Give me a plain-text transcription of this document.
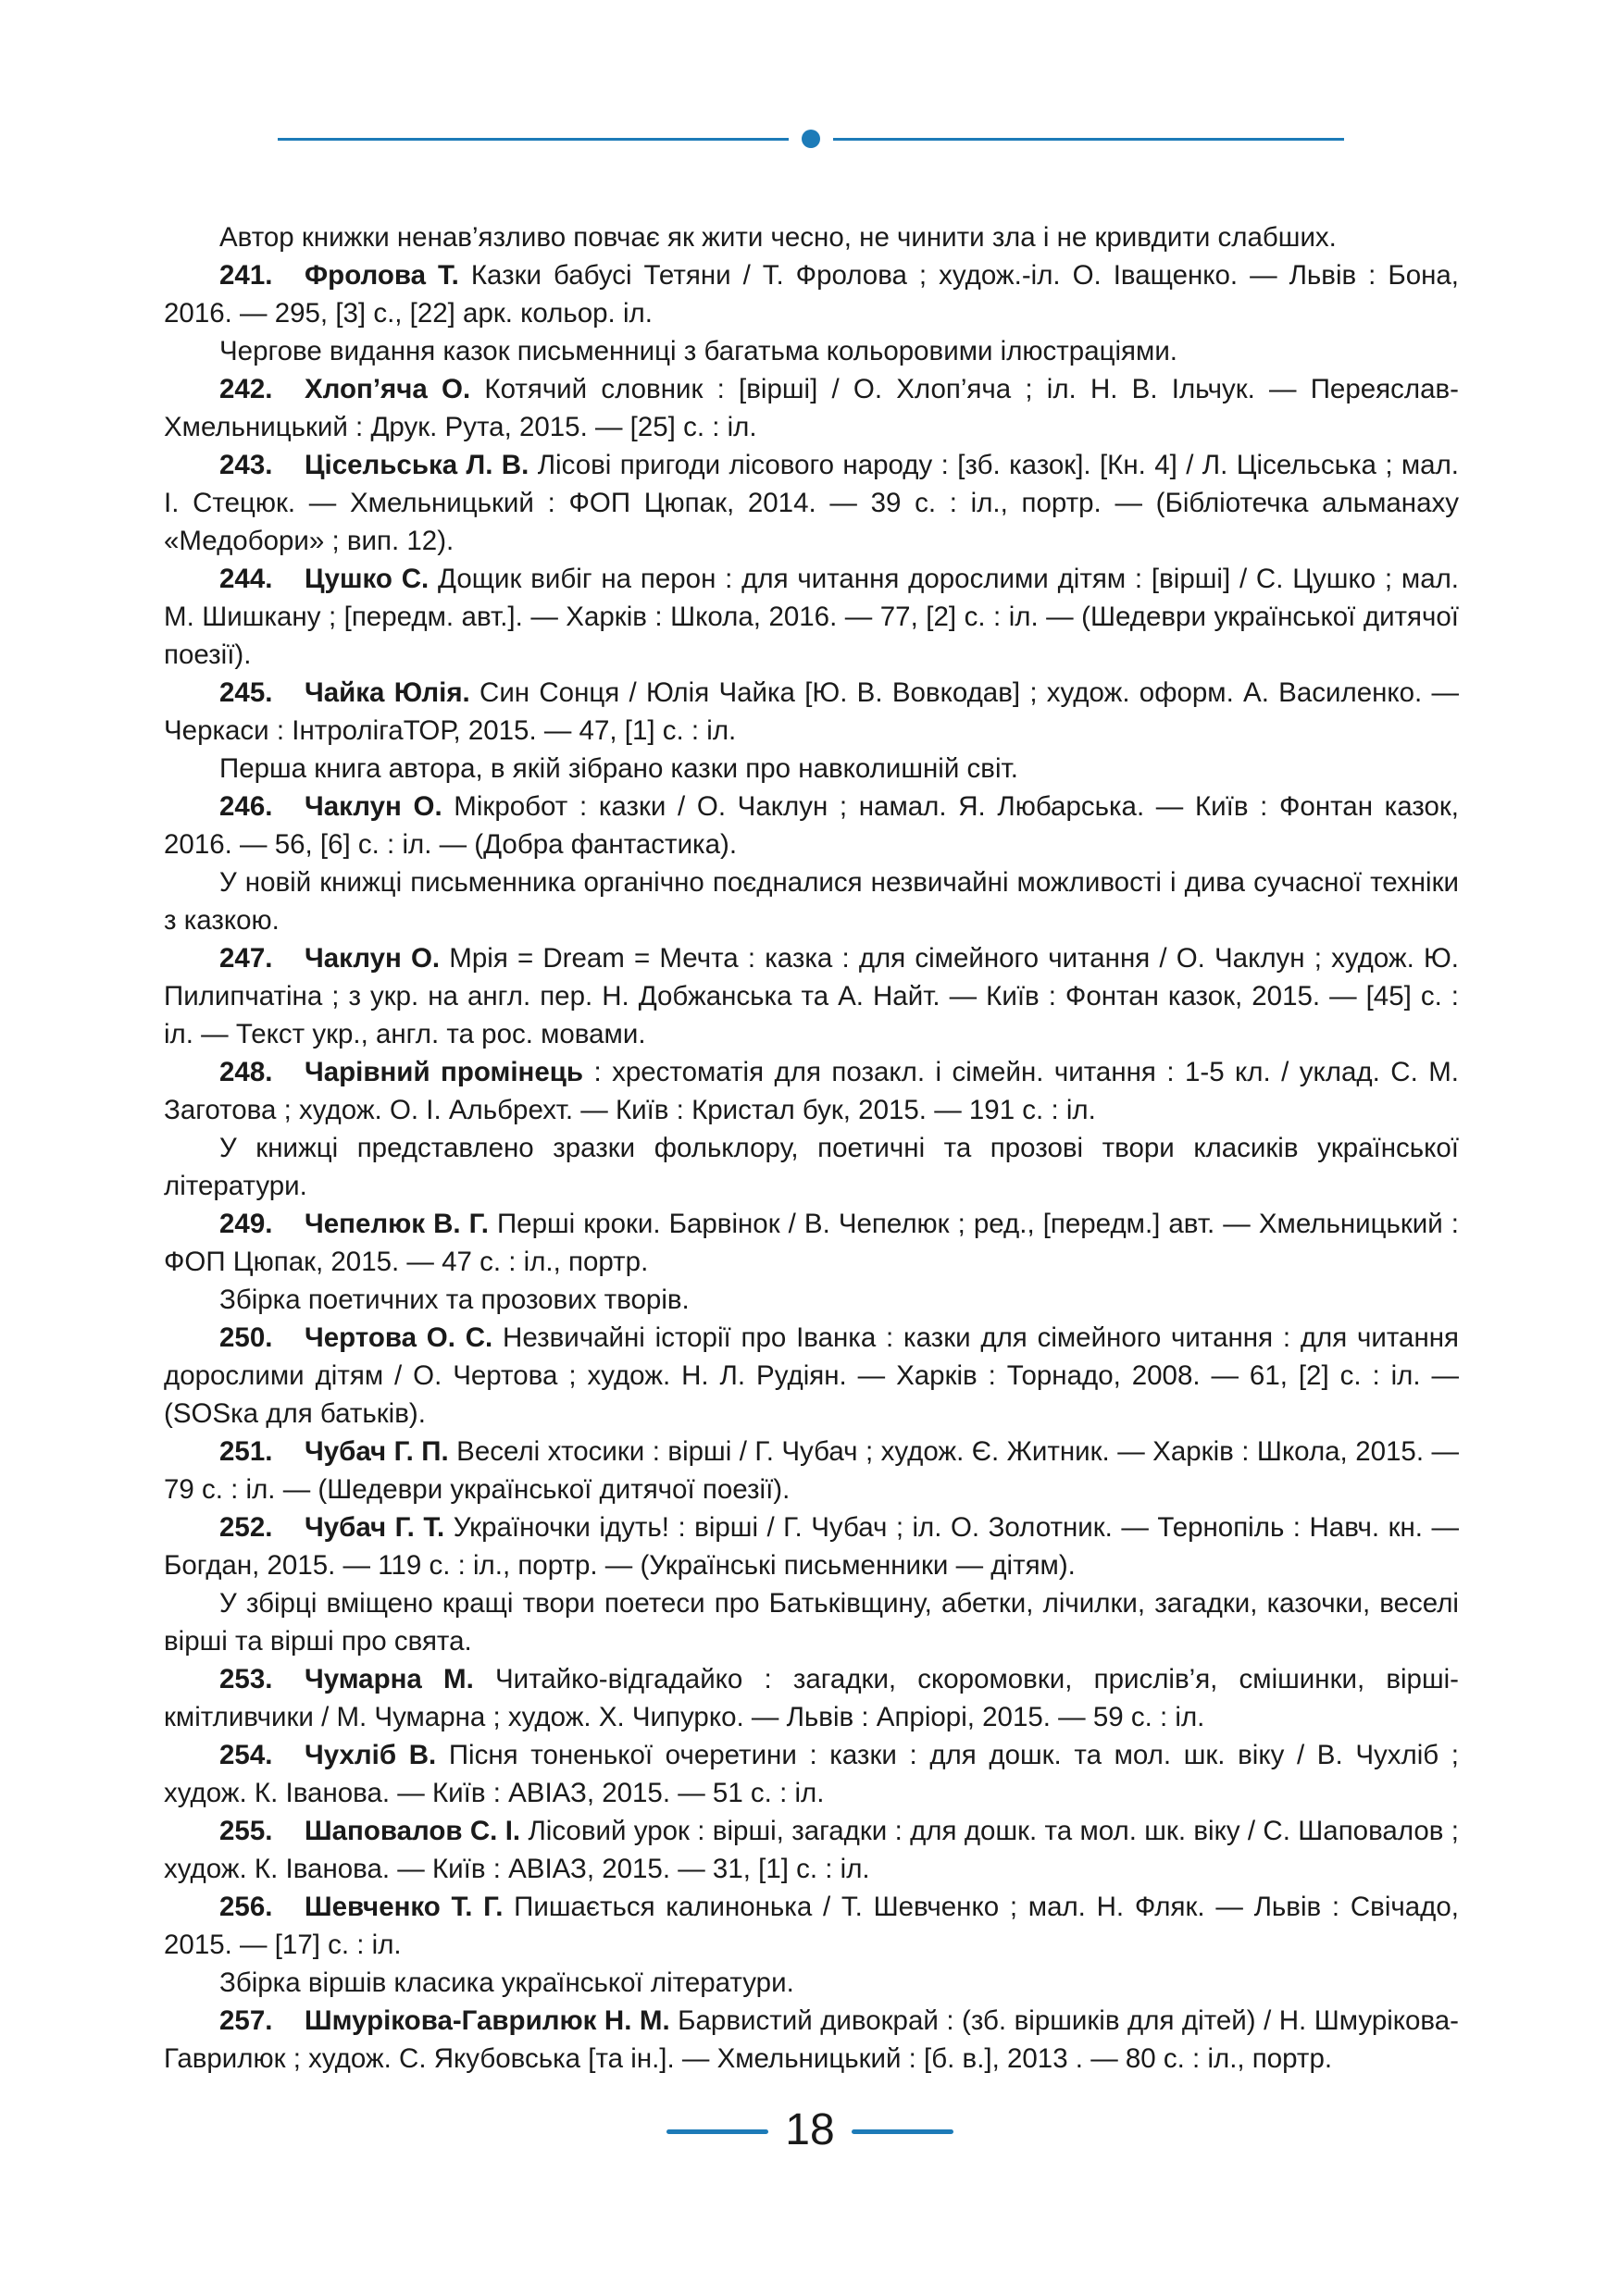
Автор книжки ненав’язливо повчає як жити чесно, не чинити зла і не кривдити слабших.

241. Фролова Т. Казки бабусі Тетяни / Т. Фролова ; худож.-іл. О. Іващенко. — Львів : Бона, 2016. — 295, [3] с., [22] арк. кольор. іл.

Чергове видання казок письменниці з багатьма кольоровими ілюстраціями.

242. Хлоп’яча О. Котячий словник : [вірші] / О. Хлоп’яча ; іл. Н. В. Ільчук. — Переяслав-Хмельницький : Друк. Рута, 2015. — [25] с. : іл.

243. Цісельська Л. В. Лісові пригоди лісового народу : [зб. казок]. [Кн. 4] / Л. Цісельська ; мал. І. Стецюк. — Хмельницький : ФОП Цюпак, 2014. — 39 с. : іл., портр. — (Бібліотечка альманаху «Медобори» ; вип. 12).

244. Цушко С. Дощик вибіг на перон : для читання дорослими дітям : [вірші] / С. Цушко ; мал. М. Шишкану ; [передм. авт.]. — Харків : Школа, 2016. — 77, [2] с. : іл. — (Шедеври української дитячої поезії).

245. Чайка Юлія. Син Сонця / Юлія Чайка [Ю. В. Вовкодав] ; худож. оформ. А. Василенко. — Черкаси : ІнтролігаТОР, 2015. — 47, [1] с. : іл.

Перша книга автора, в якій зібрано казки про навколишній світ.

246. Чаклун О. Мікробот : казки / О. Чаклун ; намал. Я. Любарська. — Київ : Фонтан казок, 2016. — 56, [6] с. : іл. — (Добра фантастика).

У новій книжці письменника органічно поєдналися незвичайні можливості і дива сучасної техніки з казкою.

247. Чаклун О. Мрія = Dream = Мечта : казка : для сімейного читання / О. Чаклун ; худож. Ю. Пилипчатіна ; з укр. на англ. пер. Н. Добжанська та А. Найт. — Київ : Фонтан казок, 2015. — [45] с. : іл. — Текст укр., англ. та рос. мовами.

248. Чарівний промінець : хрестоматія для позакл. і сімейн. читання : 1-5 кл. / уклад. С. М. Заготова ; худож. О. І. Альбрехт. — Київ : Кристал бук, 2015. — 191 с. : іл.

У книжці представлено зразки фольклору, поетичні та прозові твори класиків української літератури.

249. Чепелюк В. Г. Перші кроки. Барвінок / В. Чепелюк ; ред., [передм.] авт. — Хмельницький : ФОП Цюпак, 2015. — 47 с. : іл., портр.

Збірка поетичних та прозових творів.

250. Чертова О. С. Незвичайні історії про Іванка : казки для сімейного читання : для читання дорослими дітям / О. Чертова ; худож. Н. Л. Рудіян. — Харків : Торнадо, 2008. — 61, [2] с. : іл. — (SOSка для батьків).

251. Чубач Г. П. Веселі хтосики : вірші / Г. Чубач ; худож. Є. Житник. — Харків : Школа, 2015. — 79 с. : іл. — (Шедеври української дитячої поезії).

252. Чубач Г. Т. Україночки ідуть! : вірші / Г. Чубач ; іл. О. Золотник. — Тернопіль : Навч. кн. — Богдан, 2015. — 119 с. : іл., портр. — (Українські письменники — дітям).

У збірці вміщено кращі твори поетеси про Батьківщину, абетки, лічилки, загадки, казочки, веселі вірші та вірші про свята.

253. Чумарна М. Читайко-відгадайко : загадки, скоромовки, прислів’я, смішинки, вірші-кмітливчики / М. Чумарна ; худож. Х. Чипурко. — Львів : Апріорі, 2015. — 59 с. : іл.

254. Чухліб В. Пісня тоненької очеретини : казки : для дошк. та мол. шк. віку / В. Чухліб ; худож. К. Іванова. — Київ : АВІАЗ, 2015. — 51 с. : іл.

255. Шаповалов С. І. Лісовий урок : вірші, загадки : для дошк. та мол. шк. віку / С. Шаповалов ; худож. К. Іванова. — Київ : АВІАЗ, 2015. — 31, [1] с. : іл.

256. Шевченко Т. Г. Пишається калинонька / Т. Шевченко ; мал. Н. Фляк. — Львів : Свічадо, 2015. — [17] с. : іл.

Збірка віршів класика української літератури.

257. Шмурікова-Гаврилюк Н. М. Барвистий дивокрай : (зб. віршиків для дітей) / Н. Шмурікова-Гаврилюк ; худож. С. Якубовська [та ін.]. — Хмельницький : [б. в.], 2013 . — 80 с. : іл., портр.

18
